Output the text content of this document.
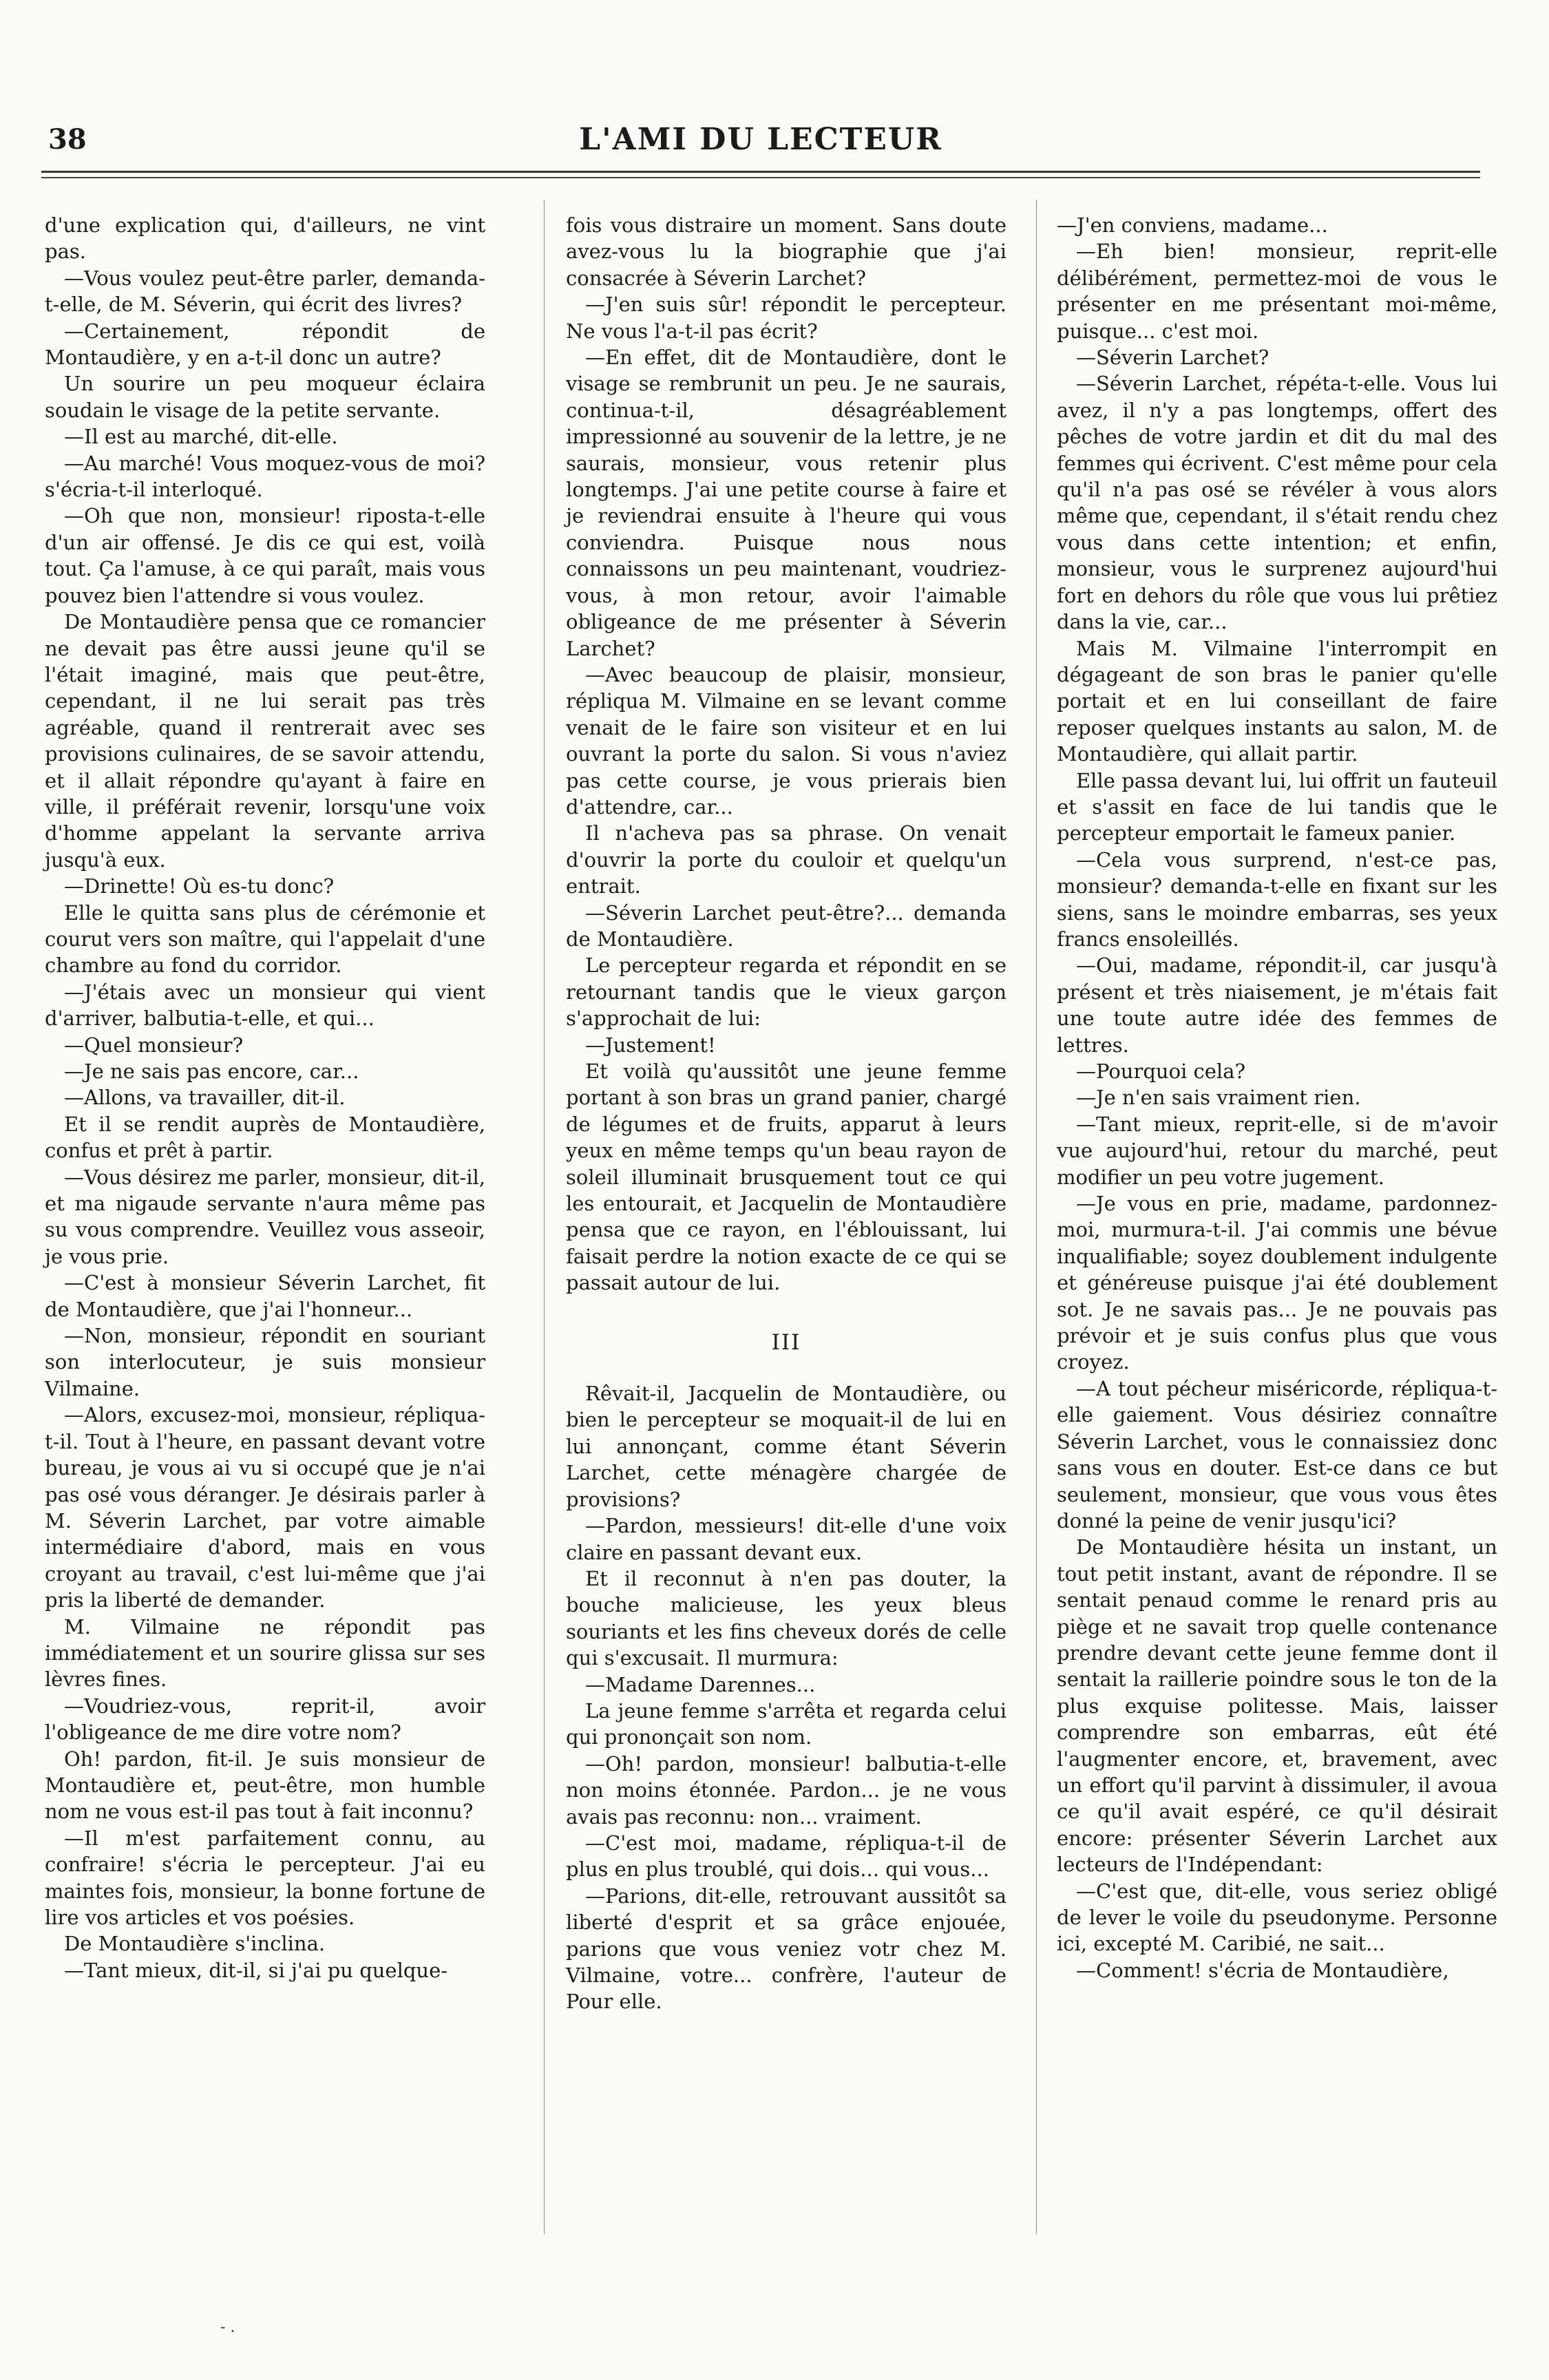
38	L'AMI DU LECTEUR

d'une explication qui, d'ailleurs, ne vint pas.

—Vous voulez peut-être parler, demanda-t-elle, de M. Séverin, qui écrit des livres?

—Certainement, répondit de Montaudière, y en a-t-il donc un autre?

Un sourire un peu moqueur éclaira soudain le visage de la petite servante.

—Il est au marché, dit-elle.

—Au marché! Vous moquez-vous de moi? s'écria-t-il interloqué.

—Oh que non, monsieur! riposta-t-elle d'un air offensé. Je dis ce qui est, voilà tout. Ça l'amuse, à ce qui paraît, mais vous pouvez bien l'attendre si vous voulez.

De Montaudière pensa que ce romancier ne devait pas être aussi jeune qu'il se l'était imaginé, mais que peut-être, cependant, il ne lui serait pas très agréable, quand il rentrerait avec ses provisions culinaires, de se savoir attendu, et il allait répondre qu'ayant à faire en ville, il préférait revenir, lorsqu'une voix d'homme appelant la servante arriva jusqu'à eux.

—Drinette! Où es-tu donc?

Elle le quitta sans plus de cérémonie et courut vers son maître, qui l'appelait d'une chambre au fond du corridor.

—J'étais avec un monsieur qui vient d'arriver, balbutia-t-elle, et qui...

—Quel monsieur?

—Je ne sais pas encore, car...

—Allons, va travailler, dit-il.

Et il se rendit auprès de Montaudière, confus et prêt à partir.

—Vous désirez me parler, monsieur, dit-il, et ma nigaude servante n'aura même pas su vous comprendre. Veuillez vous asseoir, je vous prie.

—C'est à monsieur Séverin Larchet, fit de Montaudière, que j'ai l'honneur...

—Non, monsieur, répondit en souriant son interlocuteur, je suis monsieur Vilmaine.

—Alors, excusez-moi, monsieur, répliqua-t-il. Tout à l'heure, en passant devant votre bureau, je vous ai vu si occupé que je n'ai pas osé vous déranger. Je désirais parler à M. Séverin Larchet, par votre aimable intermédiaire d'abord, mais en vous croyant au travail, c'est lui-même que j'ai pris la liberté de demander.

M. Vilmaine ne répondit pas immédiatement et un sourire glissa sur ses lèvres fines.

—Voudriez-vous, reprit-il, avoir l'obligeance de me dire votre nom?

Oh! pardon, fit-il. Je suis monsieur de Montaudière et, peut-être, mon humble nom ne vous est-il pas tout à fait inconnu?

—Il m'est parfaitement connu, au confraire! s'écria le percepteur. J'ai eu maintes fois, monsieur, la bonne fortune de lire vos articles et vos poésies.

De Montaudière s'inclina.

—Tant mieux, dit-il, si j'ai pu quelque-

fois vous distraire un moment. Sans doute avez-vous lu la biographie que j'ai consacrée à Séverin Larchet?

—J'en suis sûr! répondit le percepteur. Ne vous l'a-t-il pas écrit?

—En effet, dit de Montaudière, dont le visage se rembrunit un peu. Je ne saurais, continua-t-il, désagréablement impressionné au souvenir de la lettre, je ne saurais, monsieur, vous retenir plus longtemps. J'ai une petite course à faire et je reviendrai ensuite à l'heure qui vous conviendra. Puisque nous nous connaissons un peu maintenant, voudriez-vous, à mon retour, avoir l'aimable obligeance de me présenter à Séverin Larchet?

—Avec beaucoup de plaisir, monsieur, répliqua M. Vilmaine en se levant comme venait de le faire son visiteur et en lui ouvrant la porte du salon. Si vous n'aviez pas cette course, je vous prierais bien d'attendre, car...

Il n'acheva pas sa phrase. On venait d'ouvrir la porte du couloir et quelqu'un entrait.

—Séverin Larchet peut-être?... demanda de Montaudière.

Le percepteur regarda et répondit en se retournant tandis que le vieux garçon s'approchait de lui:

—Justement!

Et voilà qu'aussitôt une jeune femme portant à son bras un grand panier, chargé de légumes et de fruits, apparut à leurs yeux en même temps qu'un beau rayon de soleil illuminait brusquement tout ce qui les entourait, et Jacquelin de Montaudière pensa que ce rayon, en l'éblouissant, lui faisait perdre la notion exacte de ce qui se passait autour de lui.

III

Rêvait-il, Jacquelin de Montaudière, ou bien le percepteur se moquait-il de lui en lui annonçant, comme étant Séverin Larchet, cette ménagère chargée de provisions?

—Pardon, messieurs! dit-elle d'une voix claire en passant devant eux.

Et il reconnut à n'en pas douter, la bouche malicieuse, les yeux bleus souriants et les fins cheveux dorés de celle qui s'excusait. Il murmura:

—Madame Darennes...

La jeune femme s'arrêta et regarda celui qui prononçait son nom.

—Oh! pardon, monsieur! balbutia-t-elle non moins étonnée. Pardon... je ne vous avais pas reconnu: non... vraiment.

—C'est moi, madame, répliqua-t-il de plus en plus troublé, qui dois... qui vous...

—Parions, dit-elle, retrouvant aussitôt sa liberté d'esprit et sa grâce enjouée, parions que vous veniez votr chez M. Vilmaine, votre... confrère, l'auteur de Pour elle.

—J'en conviens, madame...

—Eh bien! monsieur, reprit-elle délibérément, permettez-moi de vous le présenter en me présentant moi-même, puisque... c'est moi.

—Séverin Larchet?

—Séverin Larchet, répéta-t-elle. Vous lui avez, il n'y a pas longtemps, offert des pêches de votre jardin et dit du mal des femmes qui écrivent. C'est même pour cela qu'il n'a pas osé se révéler à vous alors même que, cependant, il s'était rendu chez vous dans cette intention; et enfin, monsieur, vous le surprenez aujourd'hui fort en dehors du rôle que vous lui prêtiez dans la vie, car...

Mais M. Vilmaine l'interrompit en dégageant de son bras le panier qu'elle portait et en lui conseillant de faire reposer quelques instants au salon, M. de Montaudière, qui allait partir.

Elle passa devant lui, lui offrit un fauteuil et s'assit en face de lui tandis que le percepteur emportait le fameux panier.

—Cela vous surprend, n'est-ce pas, monsieur? demanda-t-elle en fixant sur les siens, sans le moindre embarras, ses yeux francs ensoleillés.

—Oui, madame, répondit-il, car jusqu'à présent et très niaisement, je m'étais fait une toute autre idée des femmes de lettres.

—Pourquoi cela?

—Je n'en sais vraiment rien.

—Tant mieux, reprit-elle, si de m'avoir vue aujourd'hui, retour du marché, peut modifier un peu votre jugement.

—Je vous en prie, madame, pardonnez-moi, murmura-t-il. J'ai commis une bévue inqualifiable; soyez doublement indulgente et généreuse puisque j'ai été doublement sot. Je ne savais pas... Je ne pouvais pas prévoir et je suis confus plus que vous croyez.

—A tout pécheur miséricorde, répliqua-t-elle gaiement. Vous désiriez connaître Séverin Larchet, vous le connaissiez donc sans vous en douter. Est-ce dans ce but seulement, monsieur, que vous vous êtes donné la peine de venir jusqu'ici?

De Montaudière hésita un instant, un tout petit instant, avant de répondre. Il se sentait penaud comme le renard pris au piège et ne savait trop quelle contenance prendre devant cette jeune femme dont il sentait la raillerie poindre sous le ton de la plus exquise politesse. Mais, laisser comprendre son embarras, eût été l'augmenter encore, et, bravement, avec un effort qu'il parvint à dissimuler, il avoua ce qu'il avait espéré, ce qu'il désirait encore: présenter Séverin Larchet aux lecteurs de l'Indépendant:

—C'est que, dit-elle, vous seriez obligé de lever le voile du pseudonyme. Personne ici, excepté M. Caribié, ne sait...

—Comment! s'écria de Montaudière,

- .
